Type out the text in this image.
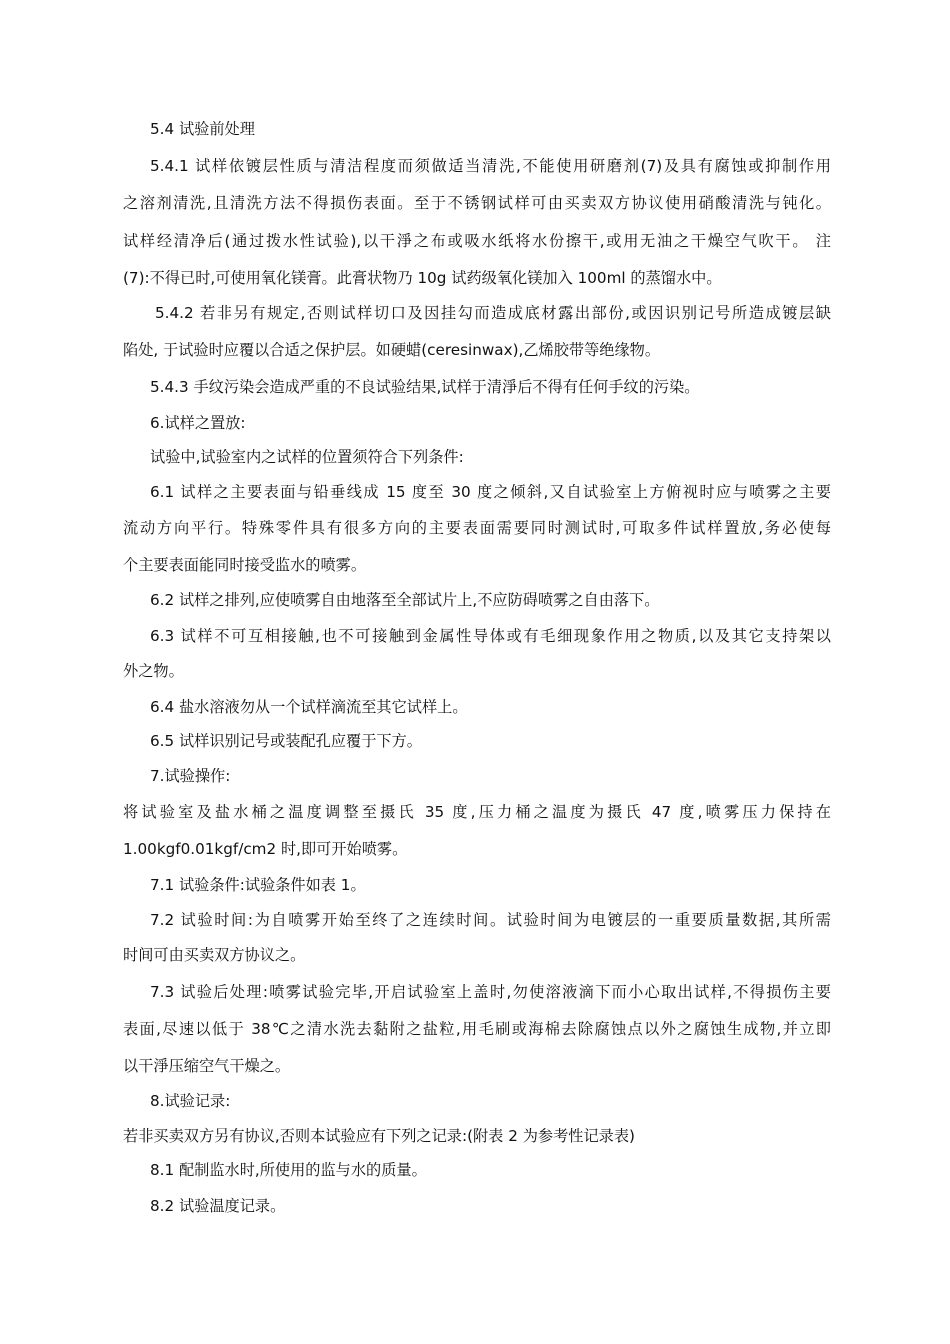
5.4 试验前处理

5.4.1 试样依镀层性质与清洁程度而须做适当清洗,不能使用研磨剂(7)及具有腐蚀或抑制作用

之溶剂清洗,且清洗方法不得损伤表面。至于不锈钢试样可由买卖双方协议使用硝酸清洗与钝化。

试样经清净后(通过拨水性试验),以干淨之布或吸水纸将水份擦干,或用无油之干燥空气吹干。 注

(7):不得已时,可使用氧化镁膏。此膏状物乃 10g 试药级氧化镁加入 100ml 的蒸馏水中。

5.4.2 若非另有规定,否则试样切口及因挂勾而造成底材露出部份,或因识别记号所造成镀层缺

陷处, 于试验时应覆以合适之保护层。如硬蜡(ceresinwax),乙烯胶带等绝缘物。

5.4.3 手纹污染会造成严重的不良试验结果,试样于清淨后不得有任何手纹的污染。

6.试样之置放:

试验中,试验室内之试样的位置须符合下列条件:

6.1 试样之主要表面与铅垂线成 15 度至 30 度之倾斜,又自试验室上方俯视时应与喷雾之主要

流动方向平行。特殊零件具有很多方向的主要表面需要同时测试时,可取多件试样置放,务必使每

个主要表面能同时接受监水的喷雾。

6.2 试样之排列,应使喷雾自由地落至全部试片上,不应防碍喷雾之自由落下。

6.3 试样不可互相接触,也不可接触到金属性导体或有毛细现象作用之物质,以及其它支持架以

外之物。

6.4 盐水溶液勿从一个试样滴流至其它试样上。

6.5 试样识别记号或装配孔应覆于下方。

7.试验操作:

将试验室及盐水桶之温度调整至摄氏 35 度,压力桶之温度为摄氏 47 度,喷雾压力保持在

1.00kgf0.01kgf/cm2 时,即可开始喷雾。

7.1 试验条件:试验条件如表 1。

7.2 试验时间:为自喷雾开始至终了之连续时间。试验时间为电镀层的一重要质量数据,其所需

时间可由买卖双方协议之。

7.3 试验后处理:喷雾试验完毕,开启试验室上盖时,勿使溶液滴下而小心取出试样,不得损伤主要

表面,尽速以低于 38℃之清水洗去黏附之盐粒,用毛刷或海棉去除腐蚀点以外之腐蚀生成物,并立即

以干淨压缩空气干燥之。

8.试验记录:

若非买卖双方另有协议,否则本试验应有下列之记录:(附表 2 为参考性记录表)

8.1 配制监水时,所使用的监与水的质量。

8.2 试验温度记录。
